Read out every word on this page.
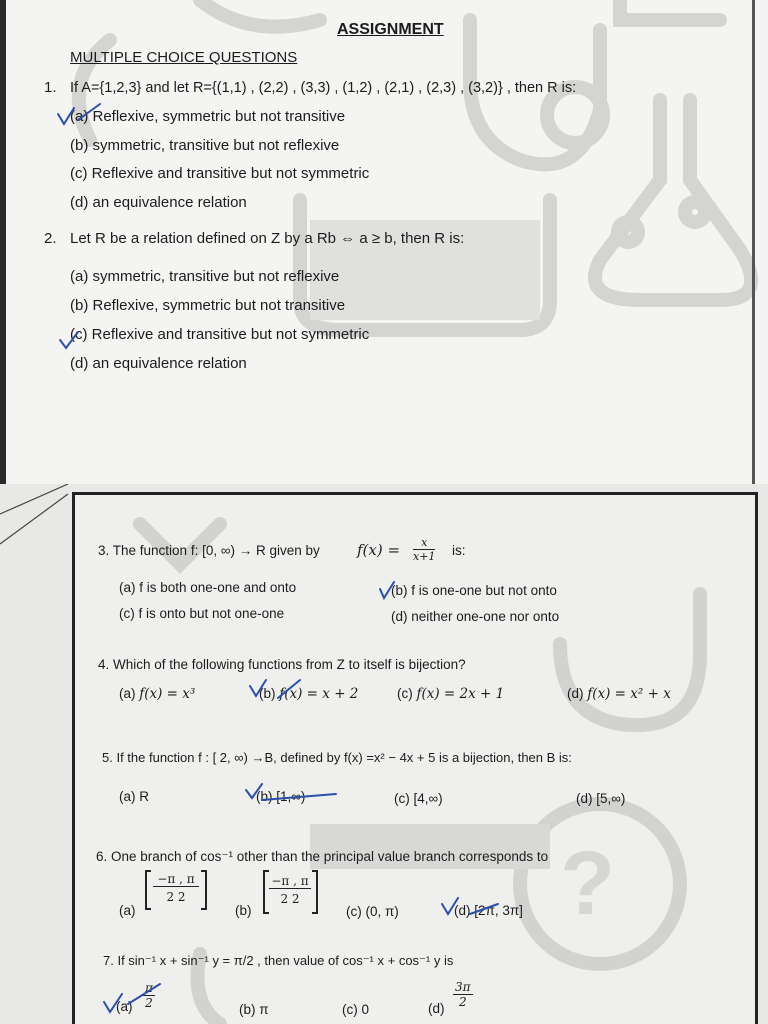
ASSIGNMENT
MULTIPLE CHOICE QUESTIONS
1. If A={1,2,3} and let R={(1,1) , (2,2) , (3,3) , (1,2) , (2,1) , (2,3) , (3,2)} , then R is:
(a) Reflexive, symmetric but not transitive
(b) symmetric, transitive but not reflexive
(c) Reflexive and transitive but not symmetric
(d) an equivalence relation
2. Let R be a relation defined on Z by a Rb ⇔ a ≥ b, then R is:
(a) symmetric, transitive but not reflexive
(b) Reflexive, symmetric but not transitive
(c) Reflexive and transitive but not symmetric
(d) an equivalence relation
?
3. The function f: [0, ∞) → R given by $f(x) = \frac{x}{x+1}$ is:
(a) f is both one-one and onto	(b) f is one-one but not onto
(c) f is onto but not one-one	(d) neither one-one nor onto
4. Which of the following functions from Z to itself is bijection?
(a) f(x) = x³	(b) f(x) = x + 2	(c) f(x) = 2x + 1	(d) f(x) = x² + x
5. If the function f : [ 2, ∞) →B, defined by f(x) =x² − 4x + 5 is a bijection, then B is:
(a) R	(b) [1,∞)	(c) [4,∞)	(d) [5,∞)
6. One branch of cos⁻¹ other than the principal value branch corresponds to
(a)
−π , π
2 2
(b)
−π , π
2 2
(c) (0, π)	(d) [2π, 3π]
7. If sin⁻¹ x + sin⁻¹ y = π/2 , then value of cos⁻¹ x + cos⁻¹ y is
$(a) \frac{\pi}{2}$	(b) π	(c) 0	$(d) \frac{3\pi}{2}$
